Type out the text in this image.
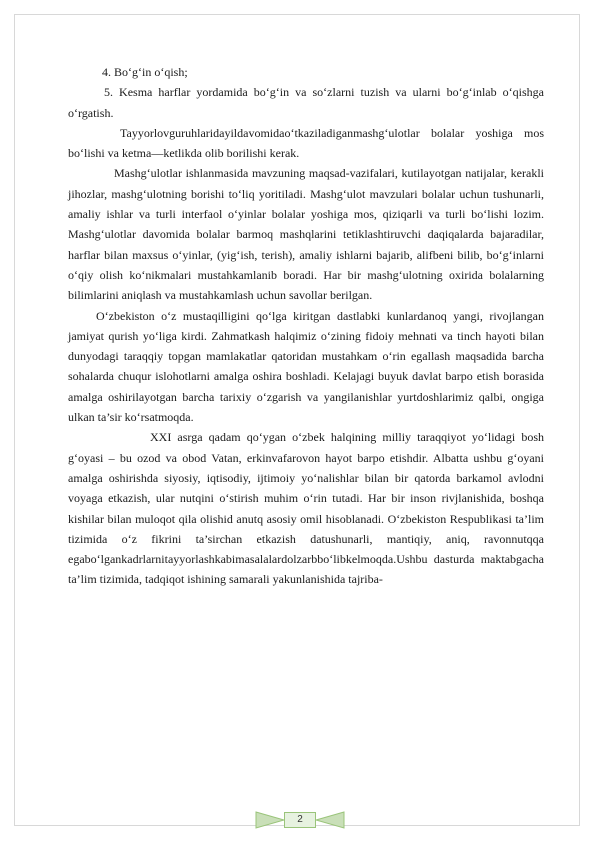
4. Bo‘g‘in o‘qish;

5. Kesma harflar yordamida bo‘g‘in va so‘zlarni tuzish va ularni bo‘g‘inlab o‘qishga o‘rgatish.

Tayyorlovguruhlaridayildavomidao‘tkaziladiganmashg‘ulotlar bolalar yoshiga mos bo‘lishi va ketma—ketlikda olib borilishi kerak.

Mashg‘ulotlar ishlanmasida mavzuning maqsad-vazifalari, kutilayotgan natijalar, kerakli jihozlar, mashg‘ulotning borishi to‘liq yoritiladi. Mashg‘ulot mavzulari bolalar uchun tushunarli, amaliy ishlar va turli interfaol o‘yinlar bolalar yoshiga mos, qiziqarli va turli bo‘lishi lozim. Mashg‘ulotlar davomida bolalar barmoq mashqlarini tetiklashtiruvchi daqiqalarda bajaradilar, harflar bilan maxsus o‘yinlar, (yig‘ish, terish), amaliy ishlarni bajarib, alifbeni bilib, bo‘g‘inlarni o‘qiy olish ko‘nikmalari mustahkamlanib boradi. Har bir mashg‘ulotning oxirida bolalarning bilimlarini aniqlash va mustahkamlash uchun savollar berilgan.

O‘zbekiston o‘z mustaqilligini qo‘lga kiritgan dastlabki kunlardanoq yangi, rivojlangan jamiyat qurish yo‘liga kirdi. Zahmatkash halqimiz o‘zining fidoiy mehnati va tinch hayoti bilan dunyodagi taraqqiy topgan mamlakatlar qatoridan mustahkam o‘rin egallash maqsadida barcha sohalarda chuqur islohotlarni amalga oshira boshladi. Kelajagi buyuk davlat barpo etish borasida amalga oshirilayotgan barcha tarixiy o‘zgarish va yangilanishlar yurtdoshlarimiz qalbi, ongiga ulkan ta’sir ko‘rsatmoqda.

XXI asrga qadam qo‘ygan o‘zbek halqining milliy taraqqiyot yo‘lidagi bosh g‘oyasi – bu ozod va obod Vatan, erkinvafarovon hayot barpo etishdir. Albatta ushbu g‘oyani amalga oshirishda siyosiy, iqtisodiy, ijtimoiy yo‘nalishlar bilan bir qatorda barkamol avlodni voyaga etkazish, ular nutqini o‘stirish muhim o‘rin tutadi. Har bir inson rivjlanishida, boshqa kishilar bilan muloqot qila olishid anutq asosiy omil hisoblanadi. O‘zbekiston Respublikasi ta’lim tizimida o‘z fikrini ta’sirchan etkazish datushunarli, mantiqiy, aniq, ravonnutqqa egabo‘lgankadrlarnitayyorlashkabimasalalardolzarbbo‘libkelmoqda.Ushbu dasturda maktabgacha ta’lim tizimida, tadqiqot ishining samarali yakunlanishida tajriba-

2
